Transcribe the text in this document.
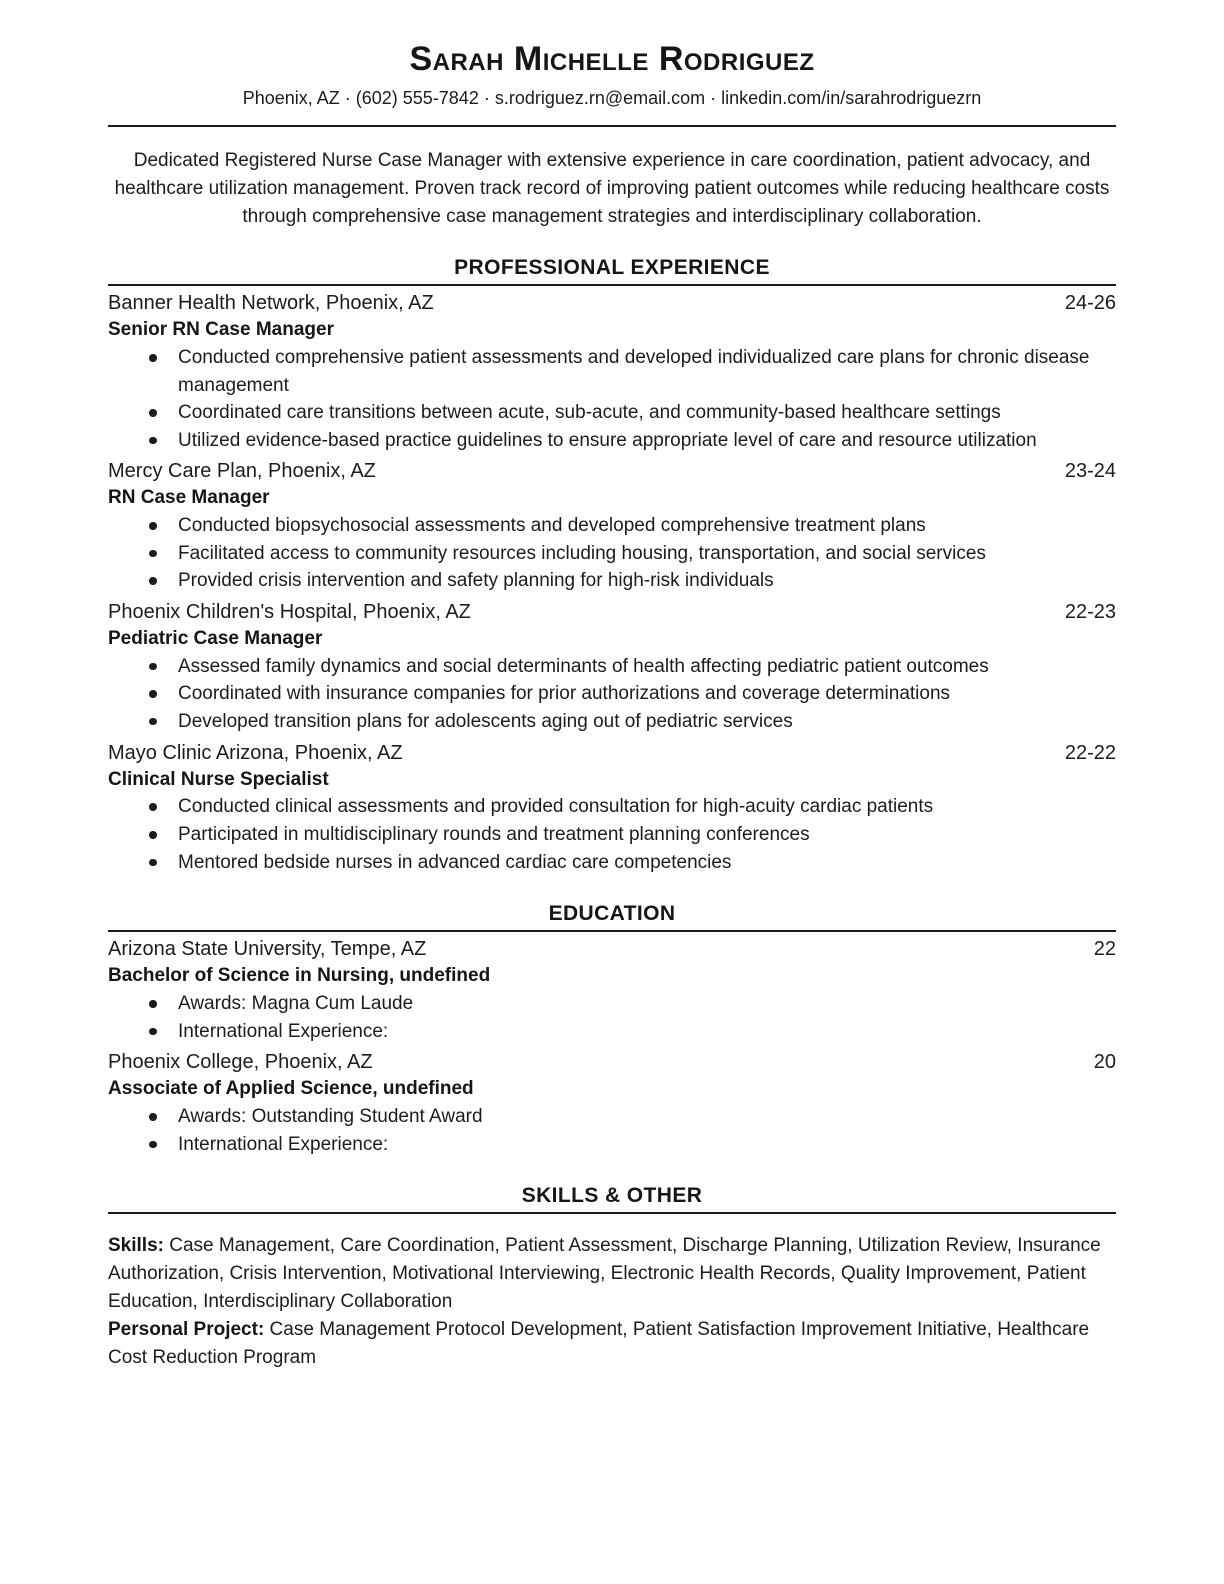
Sarah Michelle Rodriguez
Phoenix, AZ · (602) 555-7842 · s.rodriguez.rn@email.com · linkedin.com/in/sarahrodriguezrn

Dedicated Registered Nurse Case Manager with extensive experience in care coordination, patient advocacy, and healthcare utilization management. Proven track record of improving patient outcomes while reducing healthcare costs through comprehensive case management strategies and interdisciplinary collaboration.

PROFESSIONAL EXPERIENCE
Banner Health Network, Phoenix, AZ	24-26
Senior RN Case Manager
Conducted comprehensive patient assessments and developed individualized care plans for chronic disease management
Coordinated care transitions between acute, sub-acute, and community-based healthcare settings
Utilized evidence-based practice guidelines to ensure appropriate level of care and resource utilization
Mercy Care Plan, Phoenix, AZ	23-24
RN Case Manager
Conducted biopsychosocial assessments and developed comprehensive treatment plans
Facilitated access to community resources including housing, transportation, and social services
Provided crisis intervention and safety planning for high-risk individuals
Phoenix Children's Hospital, Phoenix, AZ	22-23
Pediatric Case Manager
Assessed family dynamics and social determinants of health affecting pediatric patient outcomes
Coordinated with insurance companies for prior authorizations and coverage determinations
Developed transition plans for adolescents aging out of pediatric services
Mayo Clinic Arizona, Phoenix, AZ	22-22
Clinical Nurse Specialist
Conducted clinical assessments and provided consultation for high-acuity cardiac patients
Participated in multidisciplinary rounds and treatment planning conferences
Mentored bedside nurses in advanced cardiac care competencies
EDUCATION
Arizona State University, Tempe, AZ	22
Bachelor of Science in Nursing, undefined
Awards: Magna Cum Laude
International Experience:
Phoenix College, Phoenix, AZ	20
Associate of Applied Science, undefined
Awards: Outstanding Student Award
International Experience:
SKILLS & OTHER

Skills: Case Management, Care Coordination, Patient Assessment, Discharge Planning, Utilization Review, Insurance Authorization, Crisis Intervention, Motivational Interviewing, Electronic Health Records, Quality Improvement, Patient Education, Interdisciplinary Collaboration

Personal Project: Case Management Protocol Development, Patient Satisfaction Improvement Initiative, Healthcare Cost Reduction Program
